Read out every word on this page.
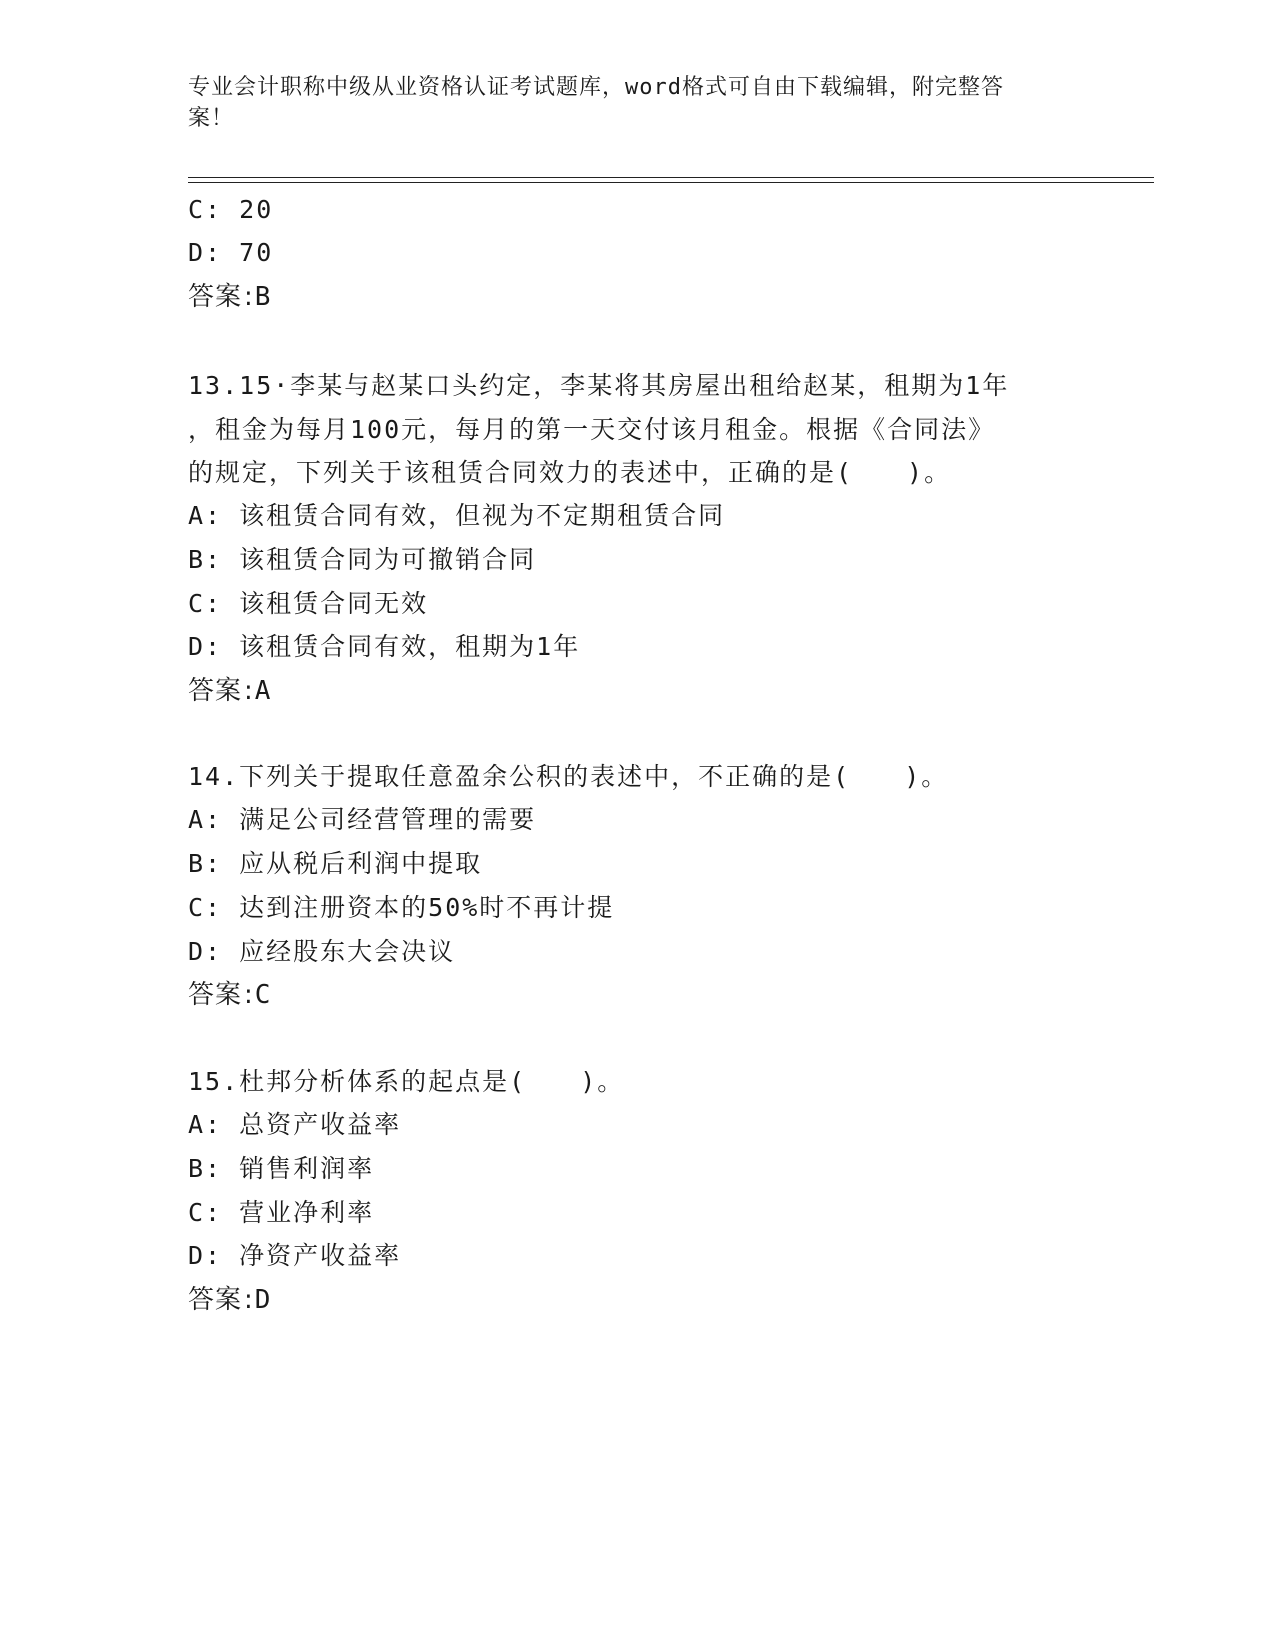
专业会计职称中级从业资格认证考试题库，word格式可自由下载编辑，附完整答
案！
C: 20
D: 70
答案:B
13.15·李某与赵某口头约定，李某将其房屋出租给赵某，租期为1年
，租金为每月100元，每月的第一天交付该月租金。根据《合同法》
的规定，下列关于该租赁合同效力的表述中，正确的是(　　)。
A: 该租赁合同有效，但视为不定期租赁合同
B: 该租赁合同为可撤销合同
C: 该租赁合同无效
D: 该租赁合同有效，租期为1年
答案:A
14.下列关于提取任意盈余公积的表述中，不正确的是(　　)。
A: 满足公司经营管理的需要
B: 应从税后利润中提取
C: 达到注册资本的50%时不再计提
D: 应经股东大会决议
答案:C
15.杜邦分析体系的起点是(　　)。
A: 总资产收益率
B: 销售利润率
C: 营业净利率
D: 净资产收益率
答案:D
